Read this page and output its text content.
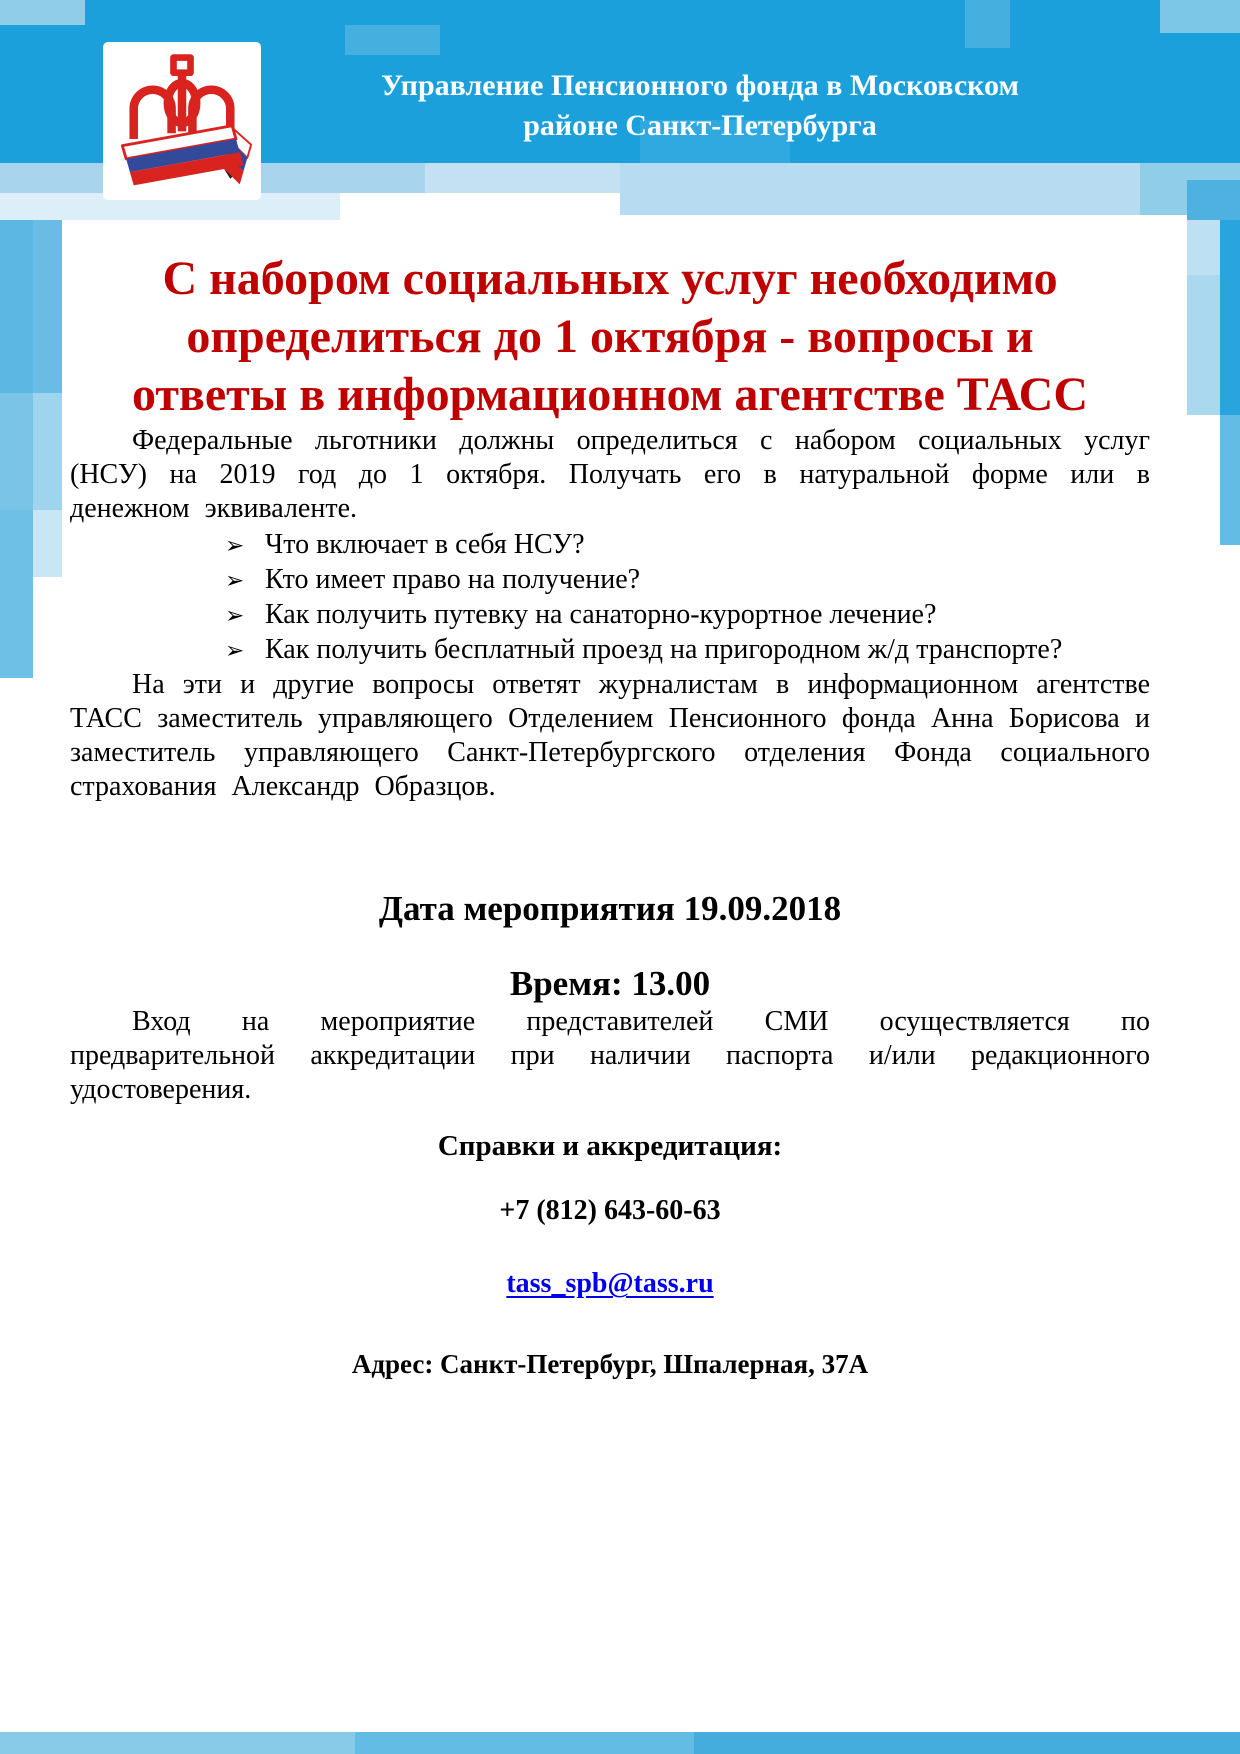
Управление Пенсионного фонда в Московском
районе Санкт-Петербурга
С набором социальных услуг необходимо
определиться до 1 октября - вопросы и
ответы в информационном агентстве ТАСС

Федеральные льготники должны определиться с набором социальных услуг (НСУ) на 2019 год до 1 октября. Получать его в натуральной форме или в денежном эквиваленте.

➢ Что включает в себя НСУ?
➢ Кто имеет право на получение?
➢ Как получить путевку на санаторно-курортное лечение?
➢ Как получить бесплатный проезд на пригородном ж/д транспорте?

На эти и другие вопросы ответят журналистам в информационном агентстве ТАСС заместитель управляющего Отделением Пенсионного фонда Анна Борисова и заместитель управляющего Санкт-Петербургского отделения Фонда социального страхования Александр Образцов.

Дата мероприятия 19.09.2018
Время: 13.00

Вход на мероприятие представителей СМИ осуществляется по предварительной аккредитации при наличии паспорта и/или редакционного удостоверения.

Справки и аккредитация:
+7 (812) 643-60-63
tass_spb@tass.ru
Адрес: Санкт-Петербург, Шпалерная, 37А
